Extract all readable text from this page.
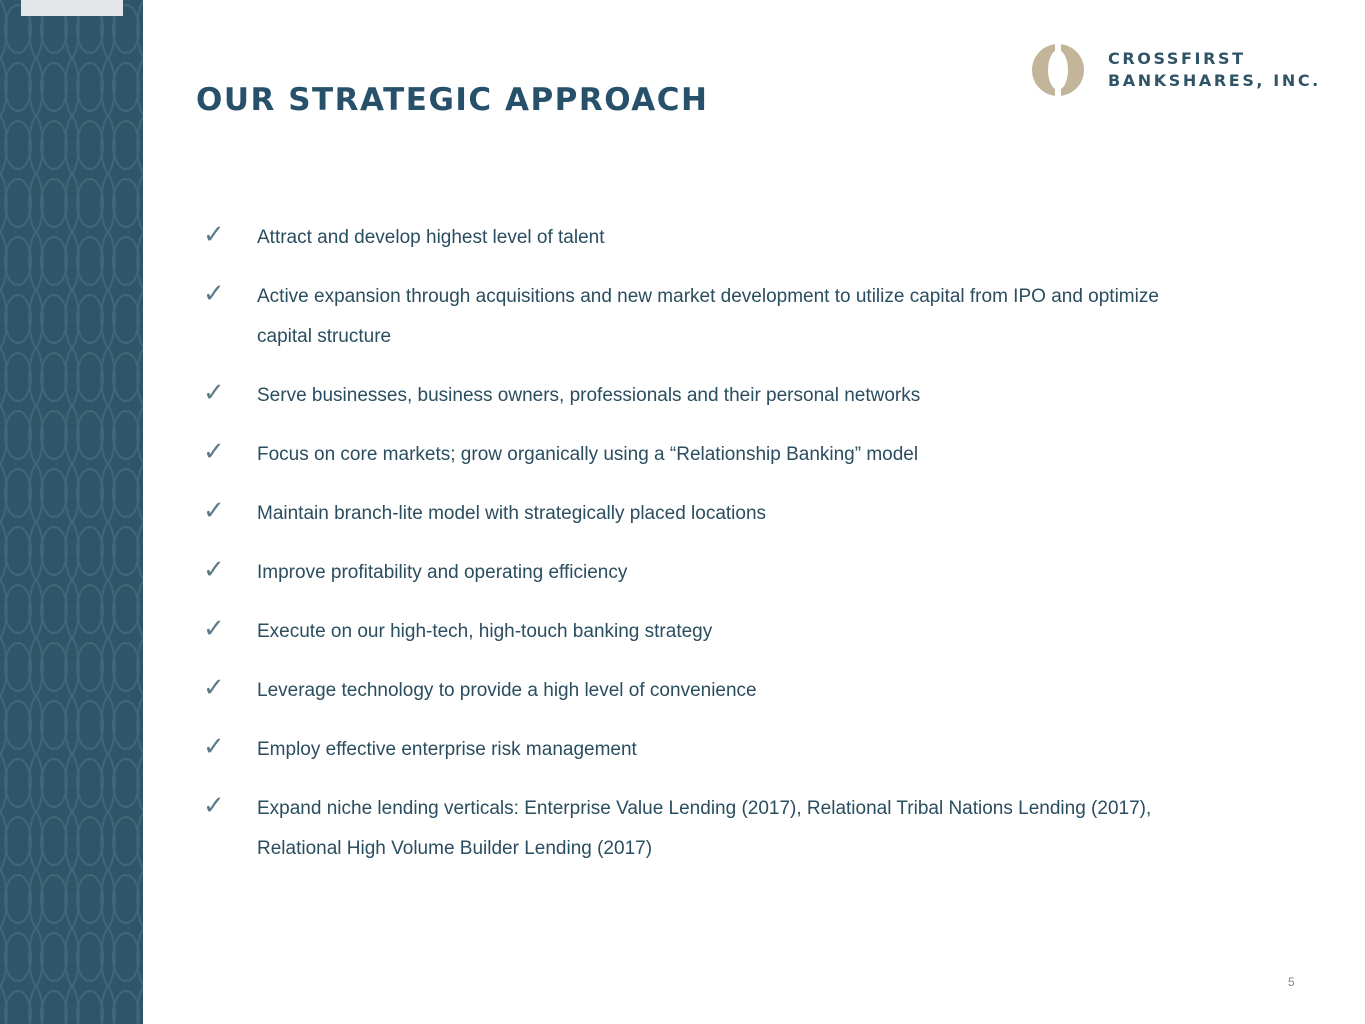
OUR STRATEGIC APPROACH
CROSSFIRST
BANKSHARES, INC.
✓ Attract and develop highest level of talent
✓ Active expansion through acquisitions and new market development to utilize capital from IPO and optimize capital structure
✓ Serve businesses, business owners, professionals and their personal networks
✓ Focus on core markets; grow organically using a “Relationship Banking” model
✓ Maintain branch-lite model with strategically placed locations
✓ Improve profitability and operating efficiency
✓ Execute on our high-tech, high-touch banking strategy
✓ Leverage technology to provide a high level of convenience
✓ Employ effective enterprise risk management
✓ Expand niche lending verticals: Enterprise Value Lending (2017), Relational Tribal Nations Lending (2017), Relational High Volume Builder Lending (2017)
5
